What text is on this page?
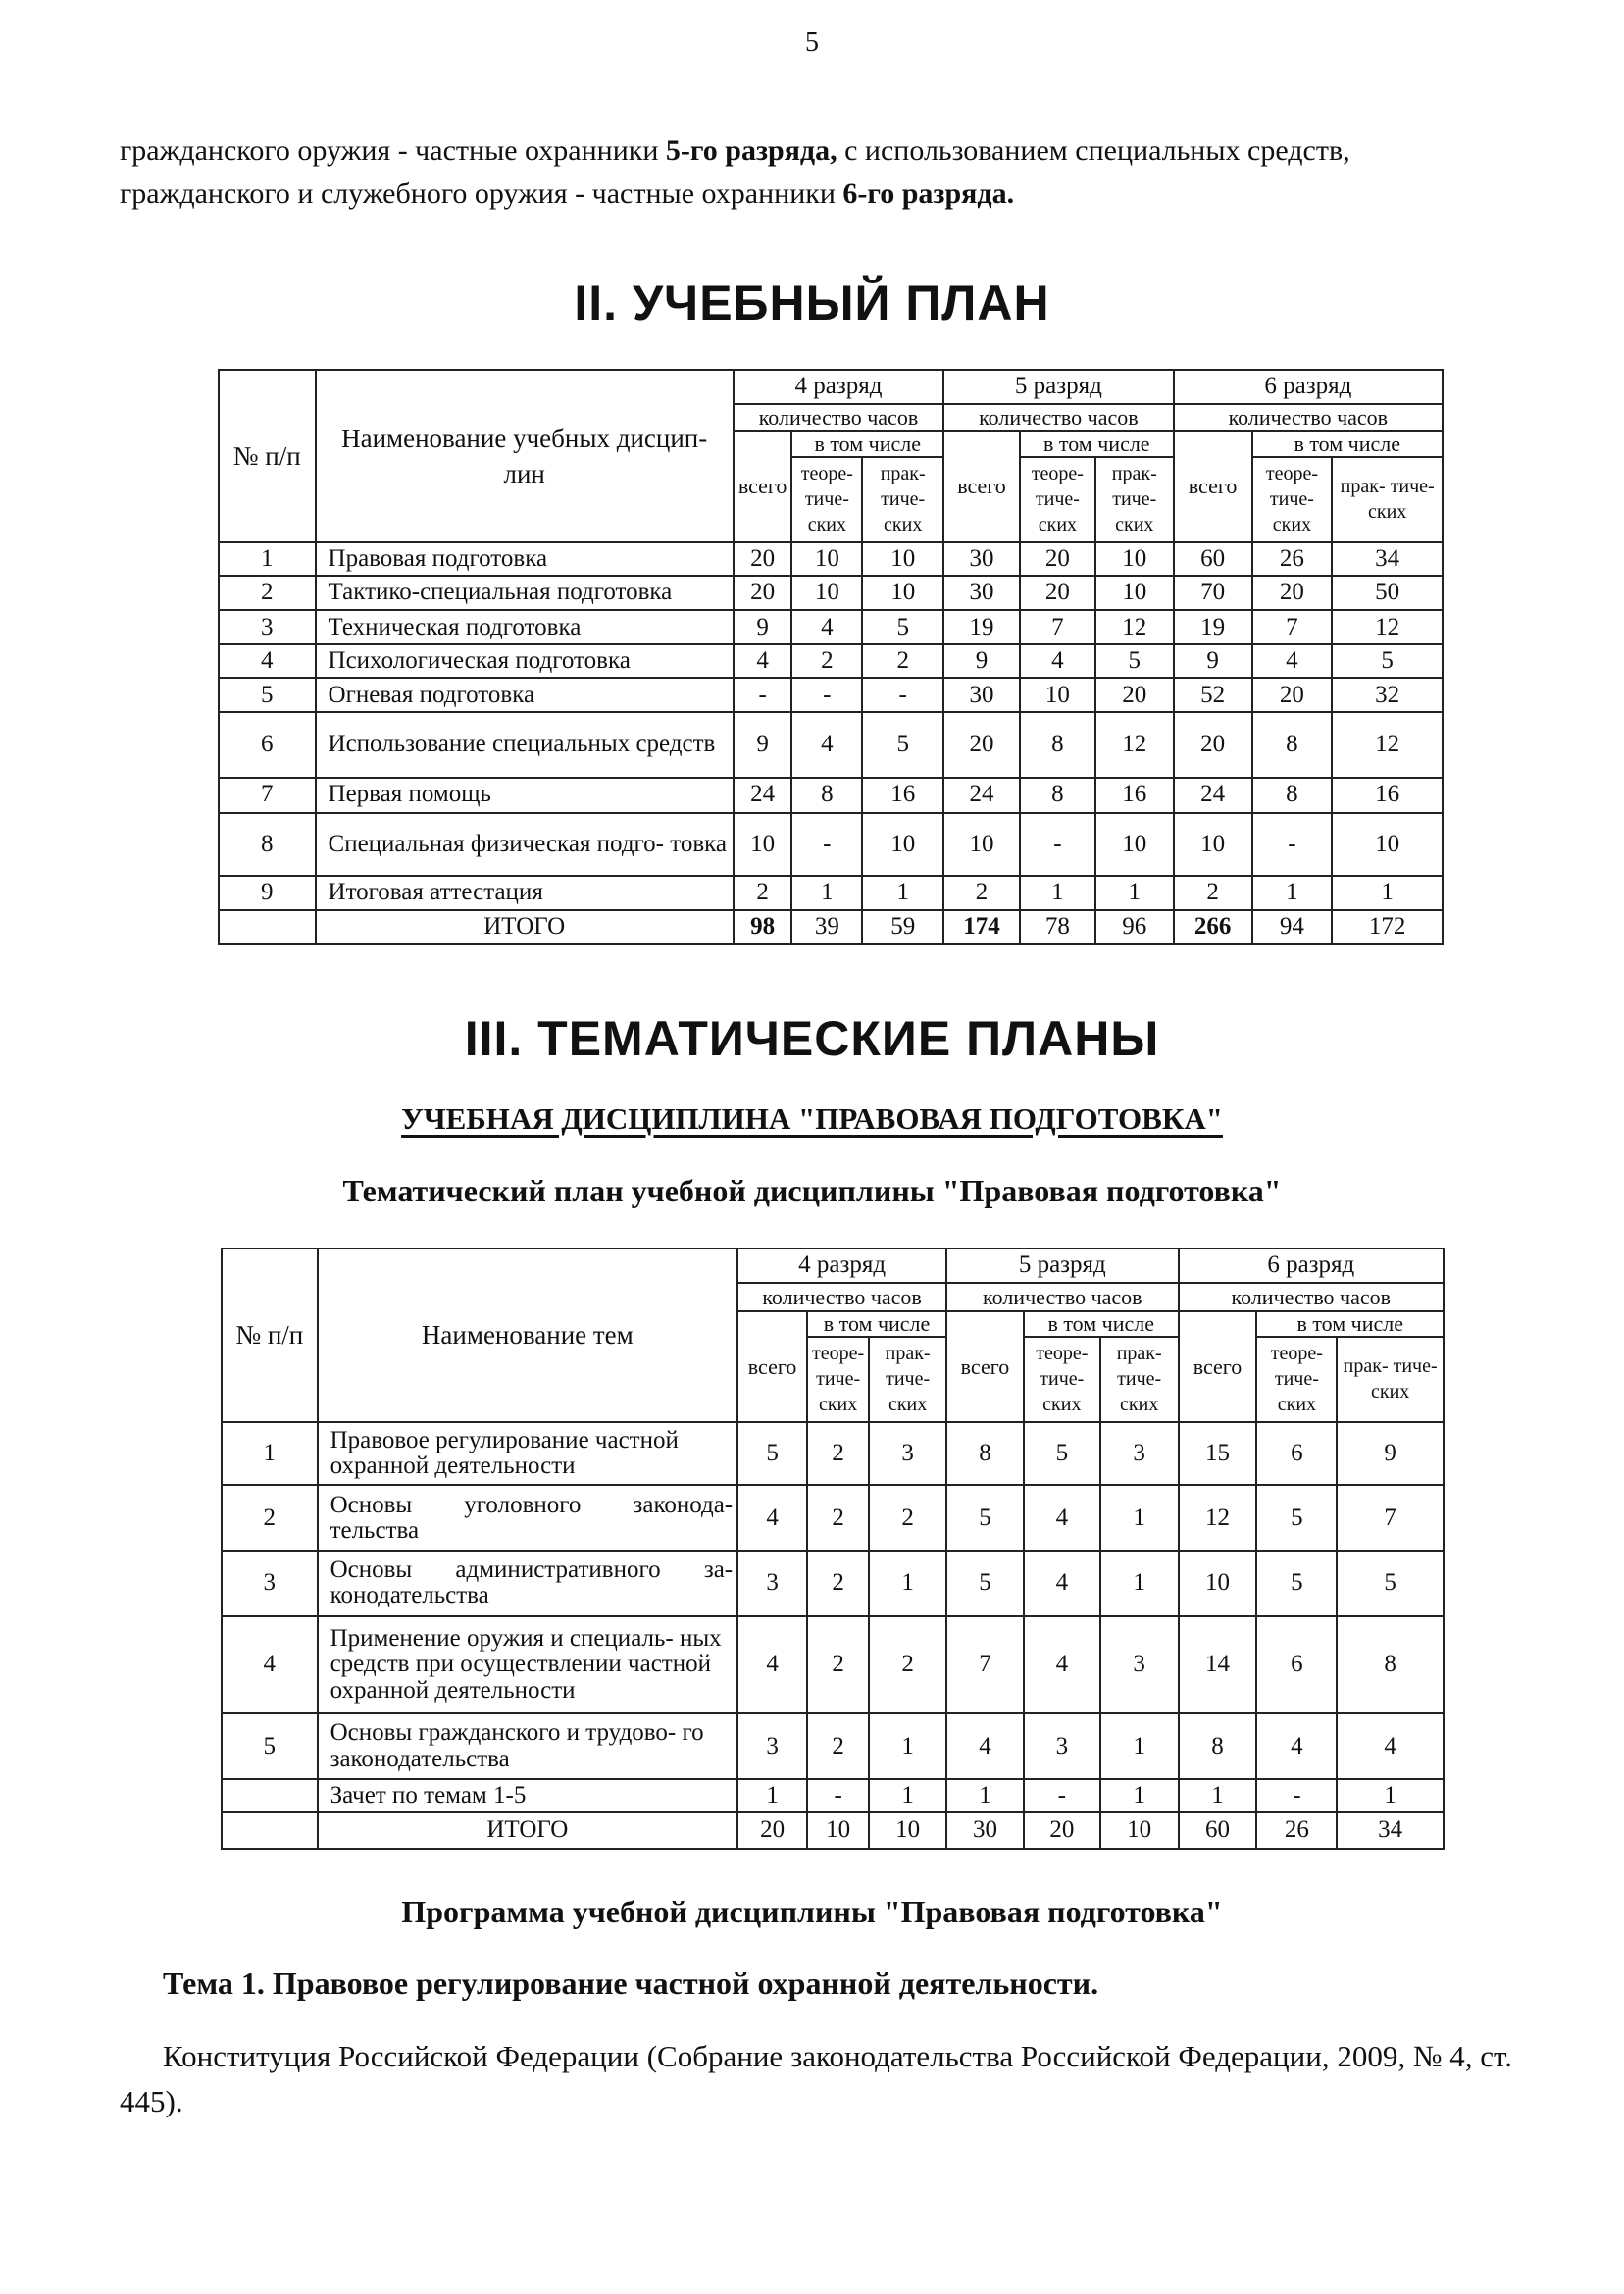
5
гражданского оружия - частные охранники 5-го разряда, с использованием специальных средств,
гражданского и служебного оружия - частные охранники 6-го разряда.
II. УЧЕБНЫЙ ПЛАН
№ п/п	Наименование учебных дисцип- лин	4 разряд			5 разряд			6 разряд		
		количество часов			количество часов			количество часов		
		всего	в том числе		всего	в том числе		всего	в том числе	
			теоре- тиче- ских	прак- тиче- ских		теоре- тиче- ских	прак- тиче- ских		теоре- тиче- ских	прак- тиче- ских
1	Правовая подготовка	20	10	10	30	20	10	60	26	34
2	Тактико-специальная подготовка	20	10	10	30	20	10	70	20	50
3	Техническая подготовка	9	4	5	19	7	12	19	7	12
4	Психологическая подготовка	4	2	2	9	4	5	9	4	5
5	Огневая подготовка	-	-	-	30	10	20	52	20	32
6	Использование специальных средств	9	4	5	20	8	12	20	8	12
7	Первая помощь	24	8	16	24	8	16	24	8	16
8	Специальная физическая подго- товка	10	-	10	10	-	10	10	-	10
9	Итоговая аттестация	2	1	1	2	1	1	2	1	1
	ИТОГО	98	39	59	174	78	96	266	94	172
III. ТЕМАТИЧЕСКИЕ ПЛАНЫ
УЧЕБНАЯ ДИСЦИПЛИНА "ПРАВОВАЯ ПОДГОТОВКА"
Тематический план учебной дисциплины "Правовая подготовка"
№ п/п	Наименование тем	4 разряд			5 разряд			6 разряд		
		количество часов			количество часов			количество часов		
		всего	в том числе		всего	в том числе		всего	в том числе	
			теоре- тиче- ских	прак- тиче- ских		теоре- тиче- ских	прак- тиче- ских		теоре- тиче- ских	прак- тиче- ских
1	Правовое регулирование частной охранной деятельности	5	2	3	8	5	3	15	6	9
2	Основы уголовного законода- тельства	4	2	2	5	4	1	12	5	7
3	Основы административного за- конодательства	3	2	1	5	4	1	10	5	5
4	Применение оружия и специаль- ных средств при осуществлении частной охранной деятельности	4	2	2	7	4	3	14	6	8
5	Основы гражданского и трудово- го законодательства	3	2	1	4	3	1	8	4	4
	Зачет по темам 1-5	1	-	1	1	-	1	1	-	1
	ИТОГО	20	10	10	30	20	10	60	26	34
Программа учебной дисциплины "Правовая подготовка"
Тема 1. Правовое регулирование частной охранной деятельности.
Конституция Российской Федерации (Собрание законодательства Российской Федерации, 2009, № 4, ст. 445).
